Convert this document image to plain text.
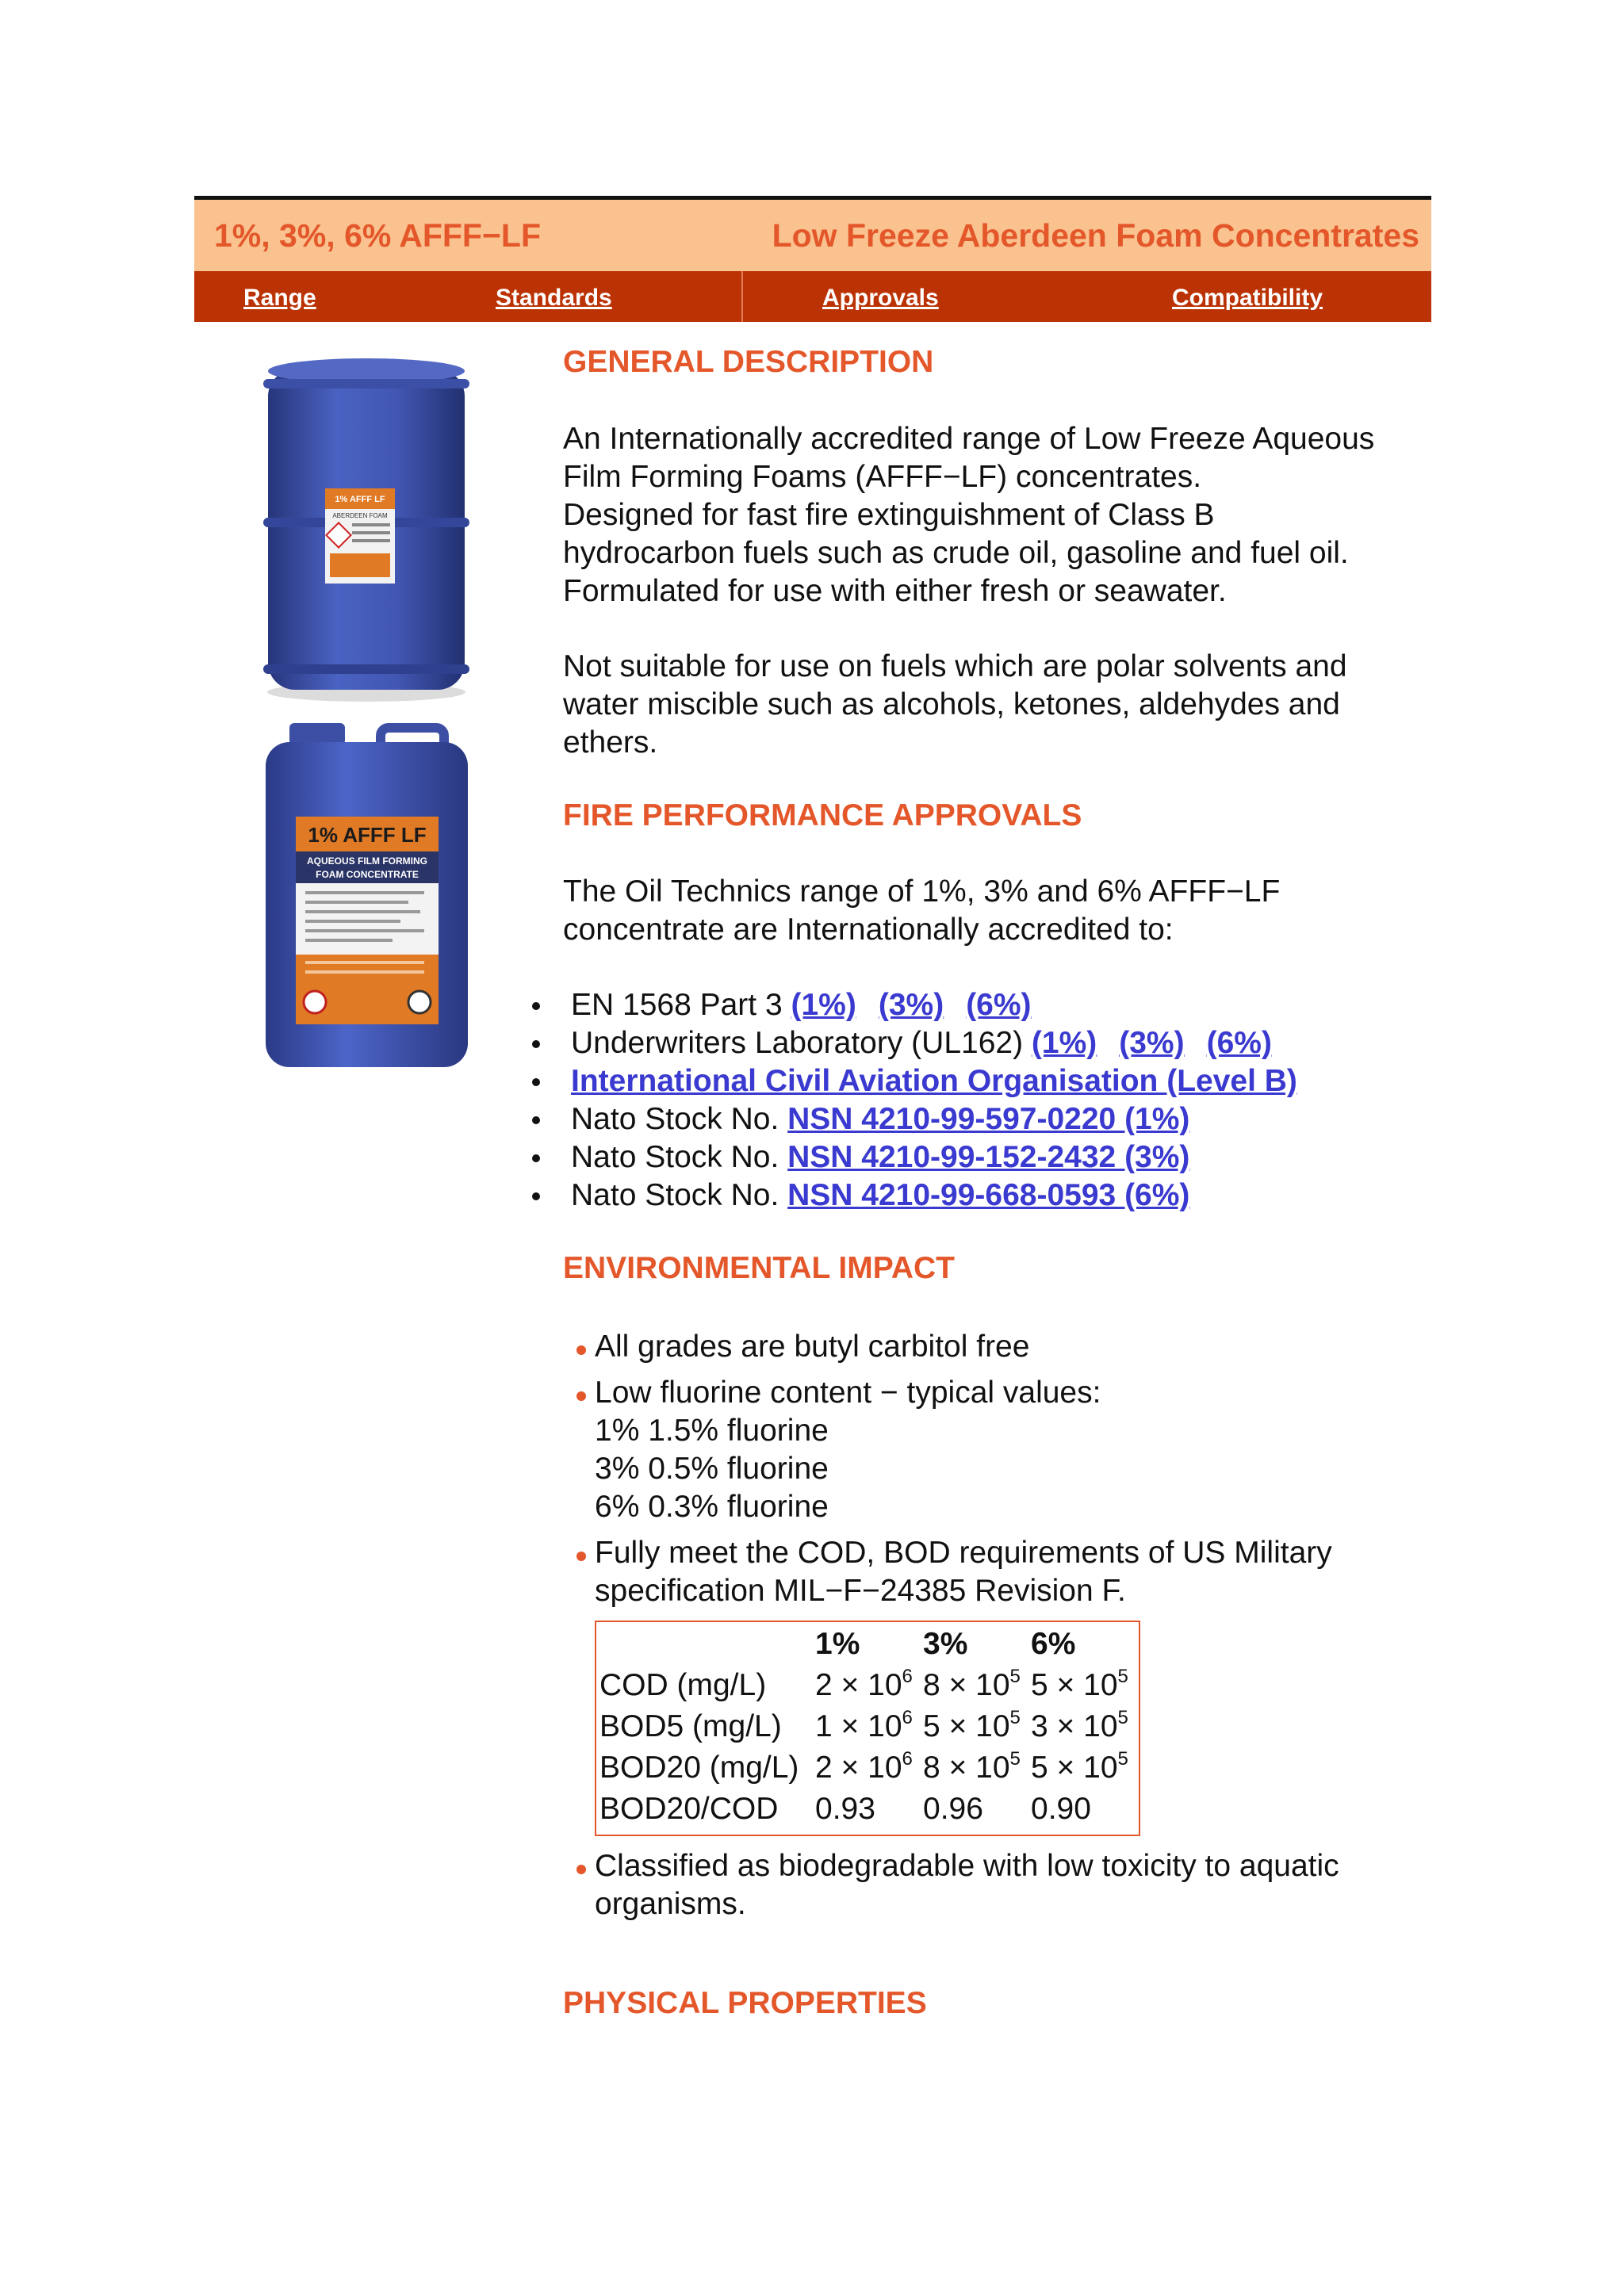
1%, 3%, 6% AFFF−LF	Low Freeze Aberdeen Foam Concentrates
Range	Standards	Approvals	Compatibility
1% AFFF LF
ABERDEEN FOAM
1% AFFF LF
AQUEOUS FILM FORMING
FOAM CONCENTRATE
GENERAL DESCRIPTION
An Internationally accredited range of Low Freeze Aqueous
Film Forming Foams (AFFF−LF) concentrates.
Designed for fast fire extinguishment of Class B
hydrocarbon fuels such as crude oil, gasoline and fuel oil.
Formulated for use with either fresh or seawater.
Not suitable for use on fuels which are polar solvents and
water miscible such as alcohols, ketones, aldehydes and
ethers.
FIRE PERFORMANCE APPROVALS
The Oil Technics range of 1%, 3% and 6% AFFF−LF
concentrate are Internationally accredited to:
EN 1568 Part 3 (1%) (3%) (6%)
Underwriters Laboratory (UL162) (1%) (3%) (6%)
International Civil Aviation Organisation (Level B)
Nato Stock No. NSN 4210-99-597-0220 (1%)
Nato Stock No. NSN 4210-99-152-2432 (3%)
Nato Stock No. NSN 4210-99-668-0593 (6%)
ENVIRONMENTAL IMPACT
All grades are butyl carbitol free
Low fluorine content − typical values:
1% 1.5% fluorine
3% 0.5% fluorine
6% 0.3% fluorine
Fully meet the COD, BOD requirements of US Military
specification MIL−F−24385 Revision F.
1% 3% 6%
COD (mg/L) $2 \times 10^6$ $8 \times 10^5$ $5 \times 10^5$
BOD5 (mg/L) $1 \times 10^6$ $5 \times 10^5$ $3 \times 10^5$
BOD20 (mg/L) $2 \times 10^6$ $8 \times 10^5$ $5 \times 10^5$
BOD20/COD 0.93 0.96 0.90
Classified as biodegradable with low toxicity to aquatic
organisms.
PHYSICAL PROPERTIES
